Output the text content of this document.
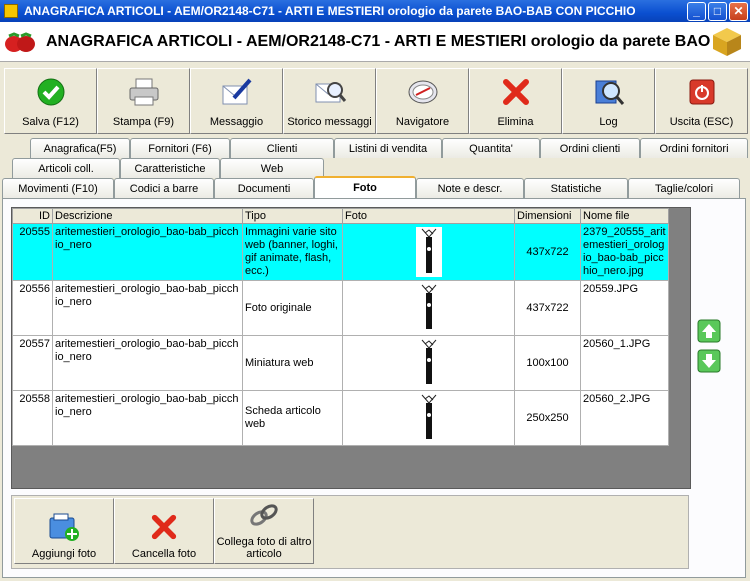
ANAGRAFICA ARTICOLI - AEM/OR2148-C71 - ARTI E MESTIERI orologio da parete BAO-BAB CON PICCHIO	_	□	✕
ANAGRAFICA ARTICOLI - AEM/OR2148-C71 - ARTI E MESTIERI orologio da parete BAO
Salva (F12)	Stampa (F9)	Messaggio Storico messaggi Navigatore	Elimina	Log	Uscita (ESC)
Anagrafica(F5)	Fornitori (F6)	Clienti	Listini di vendita	Quantita'	Ordini clienti	Ordini fornitori
Articoli coll.	Caratteristiche	Web
Movimenti (F10)	Codici a barre	Documenti	Foto	Note e descr.	Statistiche	Taglie/colori
ID	Descrizione	Tipo	Foto	Dimensioni	Nome file
20555	aritemestieri_orologio_bao-bab_picchio_nero	Immagini varie sito web (banner, loghi, gif animate, flash, ecc.)		437x722	2379_20555_aritemestieri_orologio_bao-bab_picchio_nero.jpg
20556	aritemestieri_orologio_bao-bab_picchio_nero	Foto originale		437x722	20559.JPG
20557	aritemestieri_orologio_bao-bab_picchio_nero	Miniatura web		100x100	20560_1.JPG
20558	aritemestieri_orologio_bao-bab_picchio_nero	Scheda articolo web		250x250	20560_2.JPG
Aggiungi foto	Cancella foto
Collega foto di altro articolo
